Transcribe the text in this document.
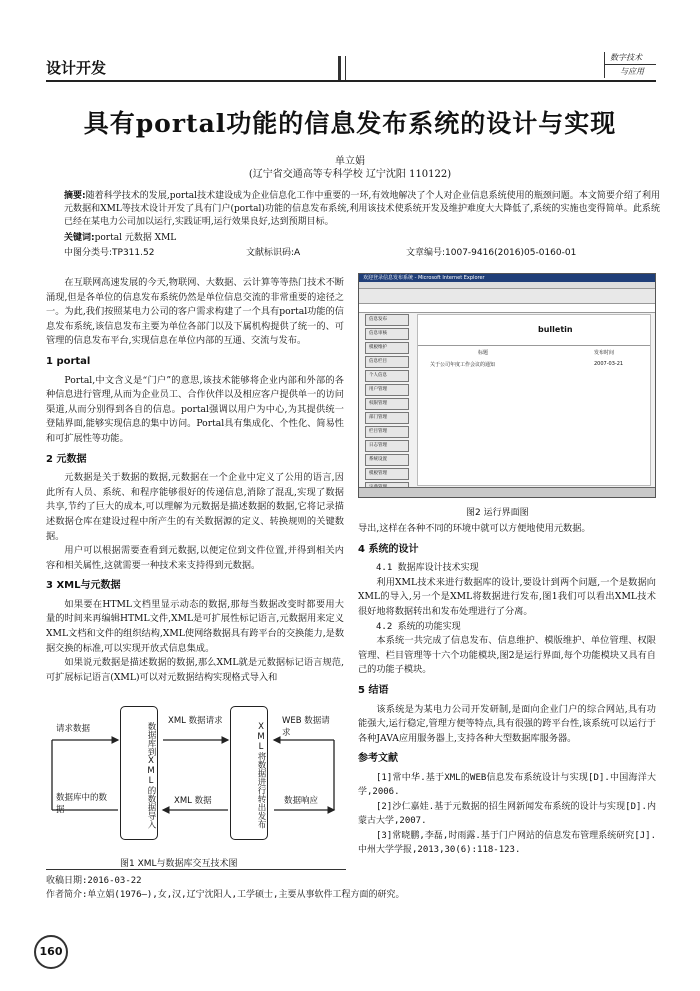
设计开发
数字技术
与应用
具有portal功能的信息发布系统的设计与实现
单立娟
(辽宁省交通高等专科学校 辽宁沈阳 110122)
摘要:随着科学技术的发展,portal技术建设成为企业信息化工作中重要的一环,有效地解决了个人对企业信息系统使用的瓶颈问题。本文简要介绍了利用元数据和XML等技术设计开发了具有门户(portal)功能的信息发布系统,利用该技术使系统开发及维护难度大大降低了,系统的实施也变得简单。此系统已经在某电力公司加以运行,实践证明,运行效果良好,达到预期目标。
关键词:portal 元数据 XML
中图分类号:TP311.52	文献标识码:A	文章编号:1007-9416(2016)05-0160-01

在互联网高速发展的今天,物联网、大数据、云计算等等热门技术不断涌现,但是各单位的信息发布系统仍然是单位信息交流的非常重要的途径之一。为此,我们按照某电力公司的客户需求构建了一个具有portal功能的信息发布系统,该信息发布主要为单位各部门以及下属机构提供了统一的、可管理的信息发布平台,实现信息在单位内部的互通、交流与发布。

1 portal

Portal,中文含义是“门户”的意思,该技术能够将企业内部和外部的各种信息进行管理,从而为企业员工、合作伙伴以及相应客户提供单一的访问渠道,从而分别得到各自的信息。portal强调以用户为中心,为其提供统一登陆界面,能够实现信息的集中访问。Portal具有集成化、个性化、简易性和可扩展性等功能。

2 元数据

元数据是关于数据的数据,元数据在一个企业中定义了公用的语言,因此所有人员、系统、和程序能够很好的传递信息,消除了混乱,实现了数据共享,节约了巨大的成本,可以理解为元数据是描述数据的数据,它将记录描述数据仓库在建设过程中所产生的有关数据源的定义、转换规则的关键数据。

用户可以根据需要查看到元数据,以便定位到文件位置,并得到相关内容和相关属性,这就需要一种技术来支持得到元数据。

3 XML与元数据

如果要在HTML文档里显示动态的数据,那每当数据改变时都要用大量的时间来再编辑HTML文件,XML是可扩展性标记语言,元数据用来定义XML文档和文件的组织结构,XML使网络数据具有跨平台的交换能力,是数据交换的标准,可以实现开放式信息集成。

如果说元数据是描述数据的数据,那么XML就是元数据标记语言规范,可扩展标记语言(XML)可以对元数据结构实现格式导入和

请求数据
数据库中的数据	数据库到XML的数据导入
XML 数据请求
XML 数据	XML将数据进行转出发布
WEB 数据请求
数据响应
图1 XML与数据库交互技术图
欢迎登录信息发布系统 - Microsoft Internet Explorer
信息发布
信息审核
模板维护
信息栏目
个人信息
用户管理
权限管理
部门管理
栏目管理
日志管理
系统设置
模板管理
bulletin
标题	发布时间
关于公司年度工作会议的通知	2007-03-21
图2 运行界面图
导出,这样在各种不同的环境中就可以方便地使用元数据。
4 系统的设计

4.1 数据库设计技术实现

利用XML技术来进行数据库的设计,要设计到两个问题,一个是数据向XML的导入,另一个是XML将数据进行发布,图1我们可以看出XML技术很好地将数据转出和发布处理进行了分离。

4.2 系统的功能实现

本系统一共完成了信息发布、信息维护、模版维护、单位管理、权限管理、栏目管理等十六个功能模块,图2是运行界面,每个功能模块又具有自己的功能子模块。

5 结语

该系统是为某电力公司开发研制,是面向企业门户的综合网站,具有功能强大,运行稳定,管理方便等特点,具有很强的跨平台性,该系统可以运行于各种JAVA应用服务器上,支持各种大型数据库服务器。

参考文献

[1]常中华.基于XML的WEB信息发布系统设计与实现[D].中国海洋大学,2006.

[2]沙仁嘉娃.基于元数据的招生网新闻发布系统的设计与实现[D].内蒙古大学,2007.

[3]常晓鹏,李磊,时雨露.基于门户网站的信息发布管理系统研究[J].中州大学学报,2013,30(6):118-123.

收稿日期:2016-03-22
作者简介:单立娟(1976—),女,汉,辽宁沈阳人,工学硕士,主要从事软件工程方面的研究。
160
